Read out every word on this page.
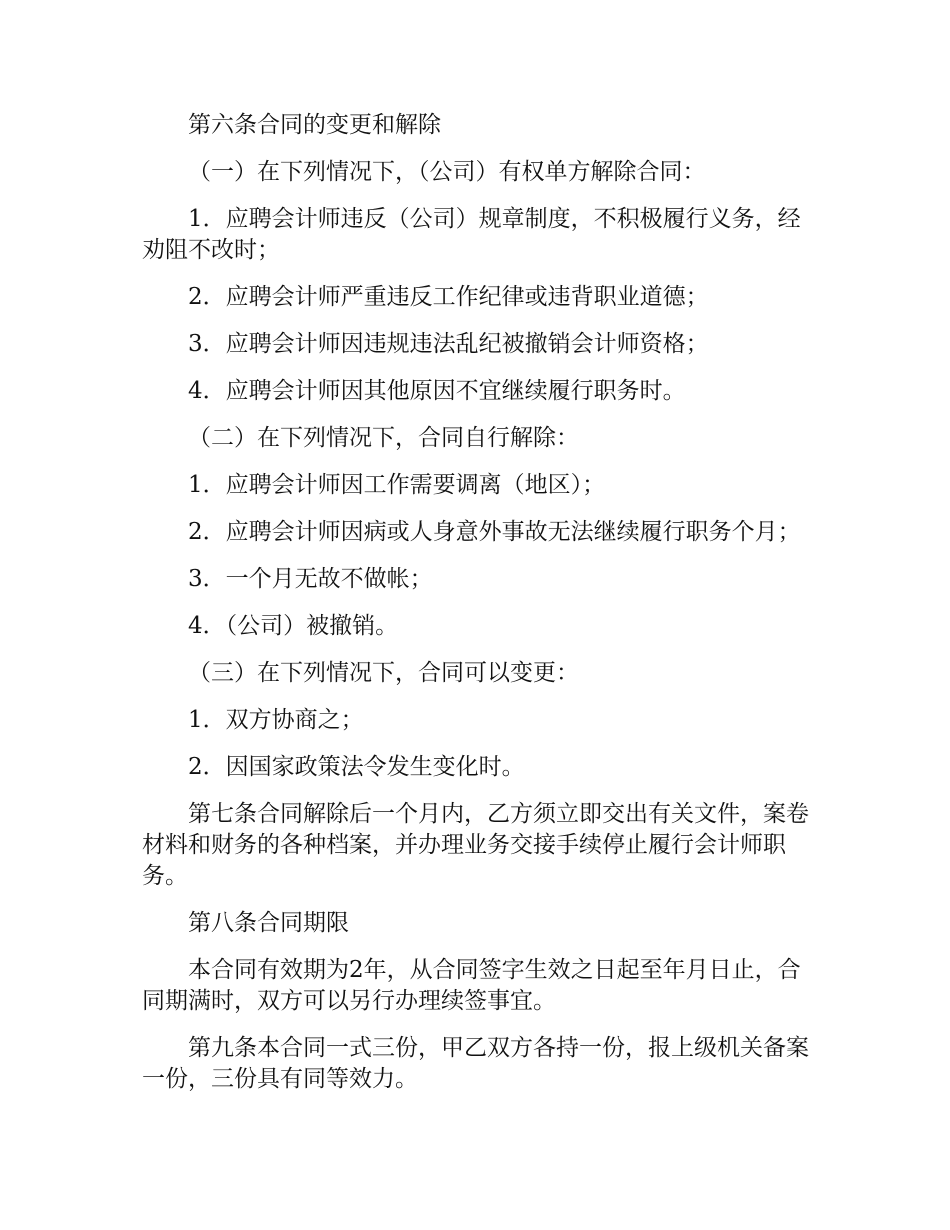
第六条合同的变更和解除

（一）在下列情况下，（公司）有权单方解除合同：

1．应聘会计师违反（公司）规章制度，不积极履行义务，经劝阻不改时；

2．应聘会计师严重违反工作纪律或违背职业道德；

3．应聘会计师因违规违法乱纪被撤销会计师资格；

4．应聘会计师因其他原因不宜继续履行职务时。

（二）在下列情况下，合同自行解除：

1．应聘会计师因工作需要调离（地区）；

2．应聘会计师因病或人身意外事故无法继续履行职务个月；

3．一个月无故不做帐；

4．（公司）被撤销。

（三）在下列情况下，合同可以变更：

1．双方协商之；

2．因国家政策法令发生变化时。

第七条合同解除后一个月内，乙方须立即交出有关文件，案卷材料和财务的各种档案，并办理业务交接手续停止履行会计师职务。

第八条合同期限

本合同有效期为2年，从合同签字生效之日起至年月日止，合同期满时，双方可以另行办理续签事宜。

第九条本合同一式三份，甲乙双方各持一份，报上级机关备案一份，三份具有同等效力。
